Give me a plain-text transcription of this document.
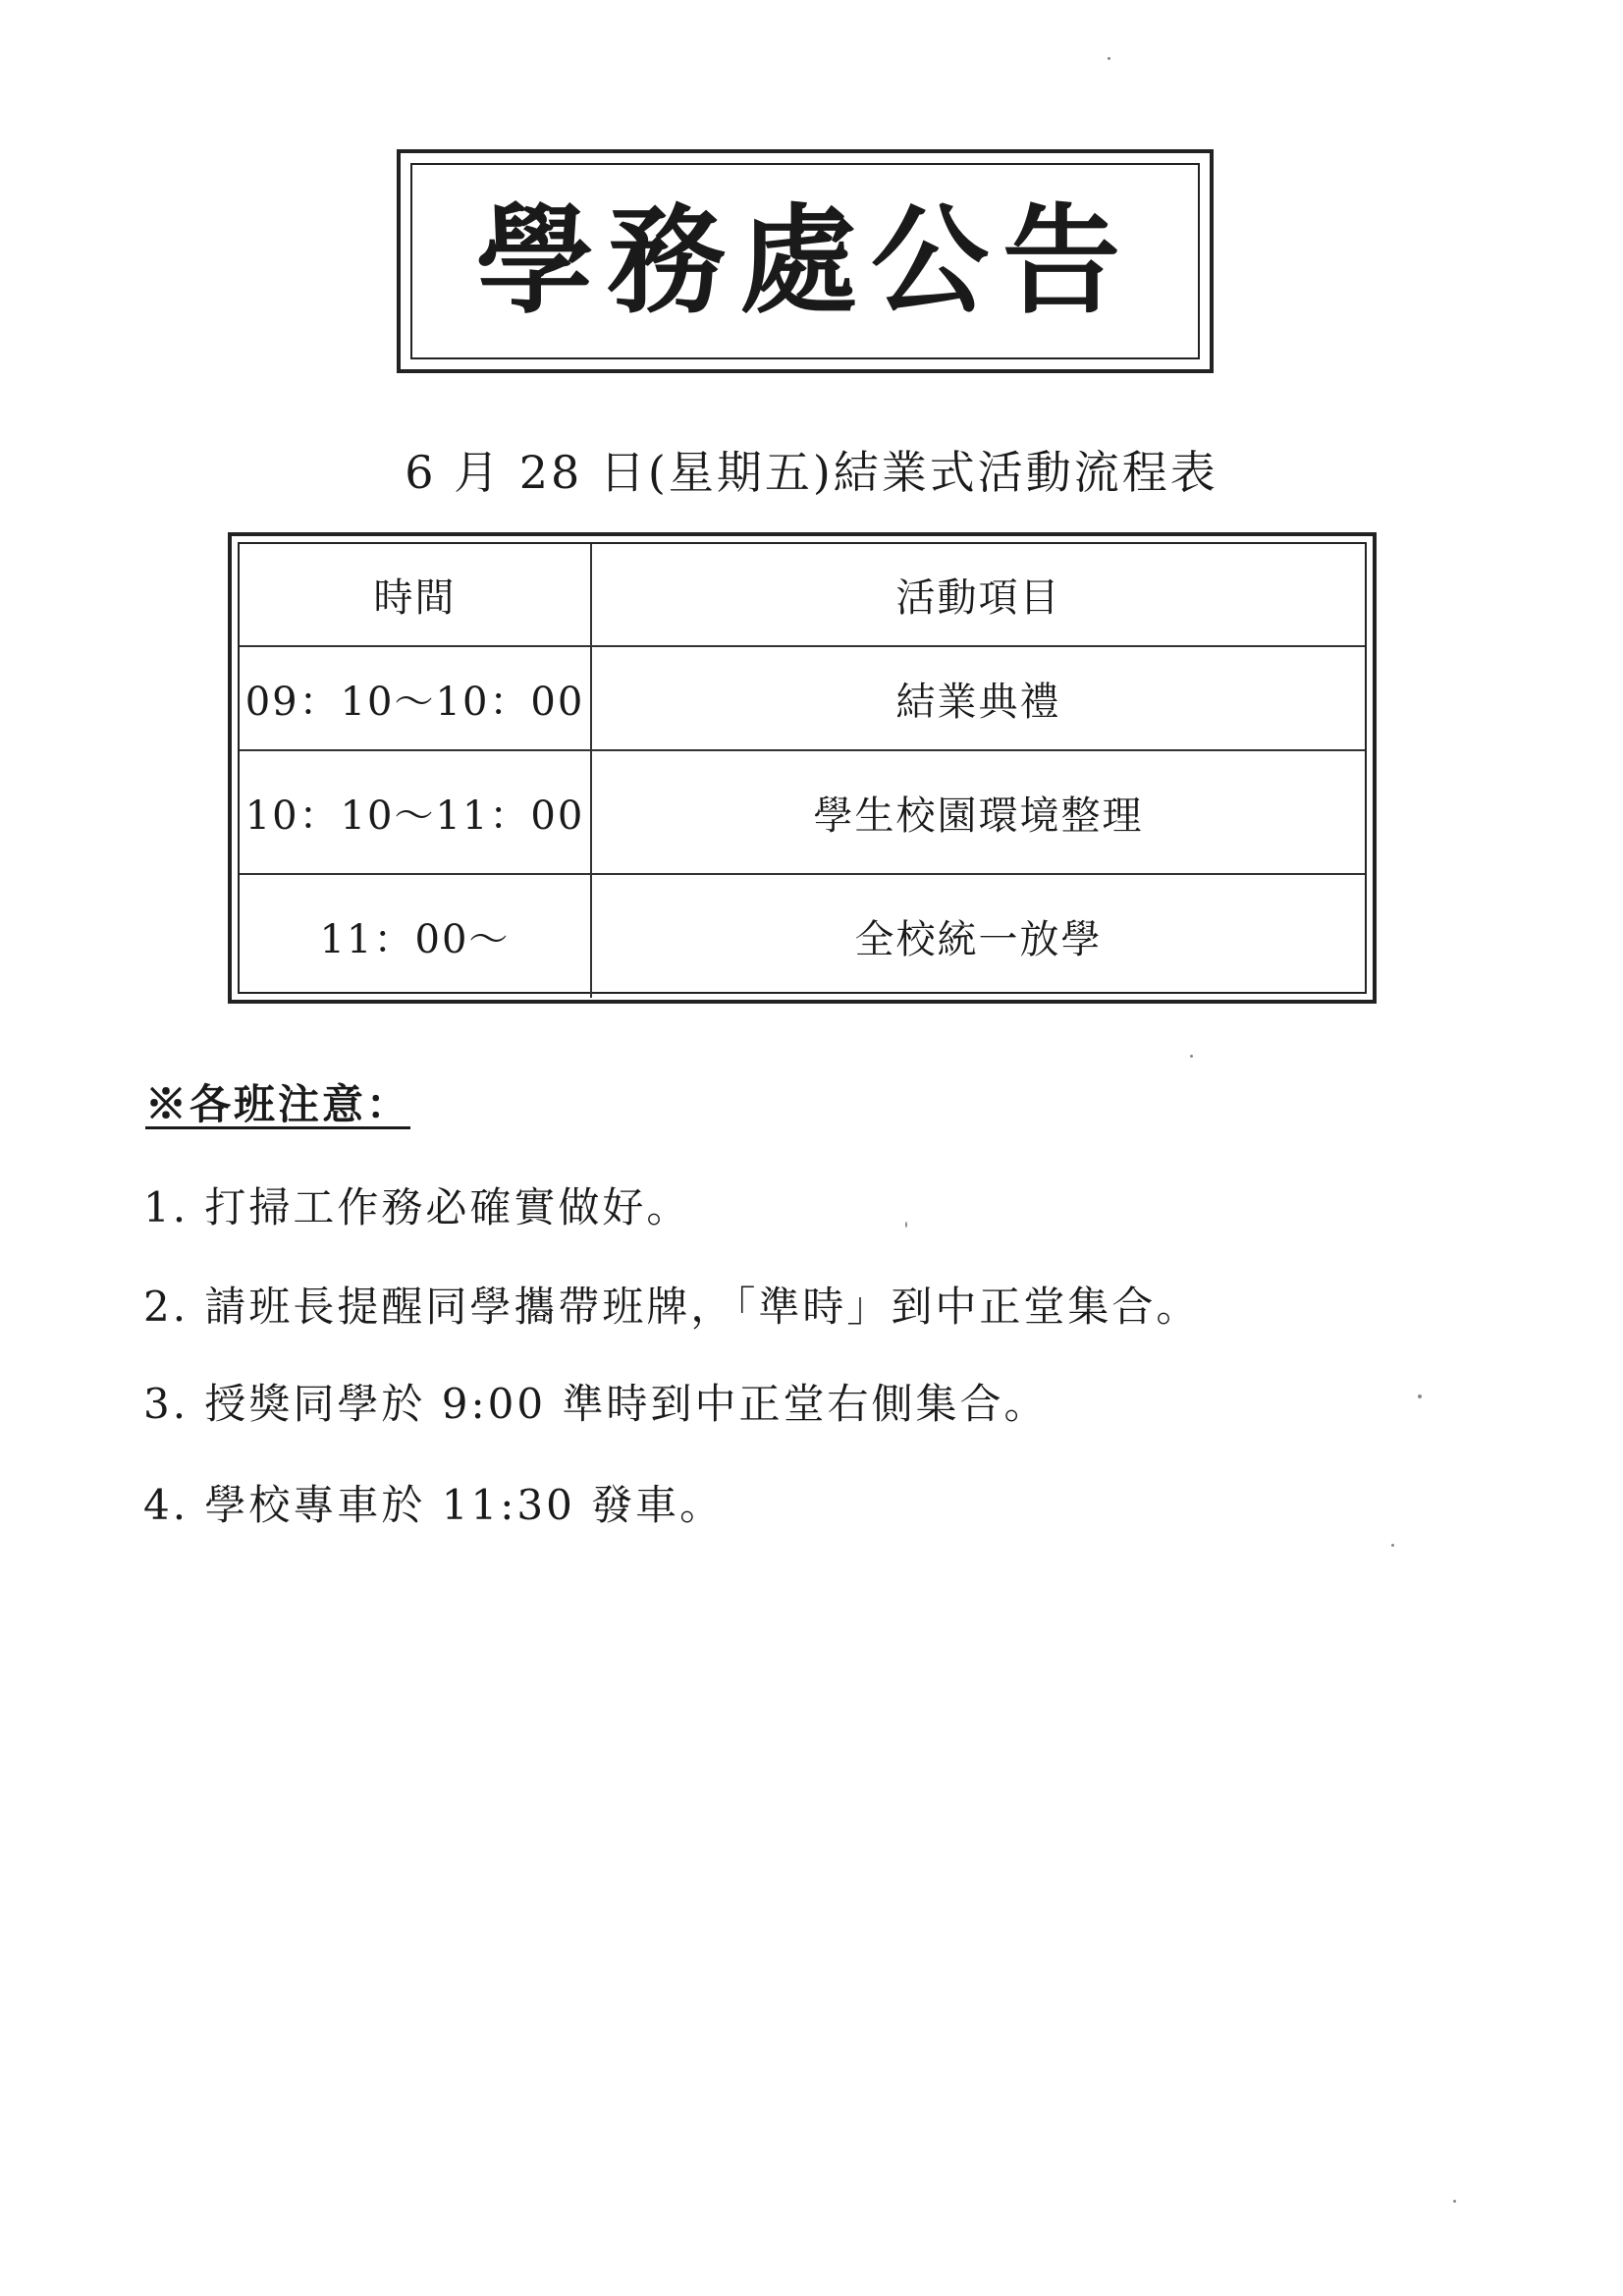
學務處公告
6 月 28 日(星期五)結業式活動流程表
時間	活動項目
09：10～10：00	結業典禮
10：10～11：00	學生校園環境整理
11：00～	全校統一放學
※各班注意：
1. 打掃工作務必確實做好。
2. 請班長提醒同學攜帶班牌，「準時」到中正堂集合。
3. 授獎同學於 9:00 準時到中正堂右側集合。
4. 學校專車於 11:30 發車。
